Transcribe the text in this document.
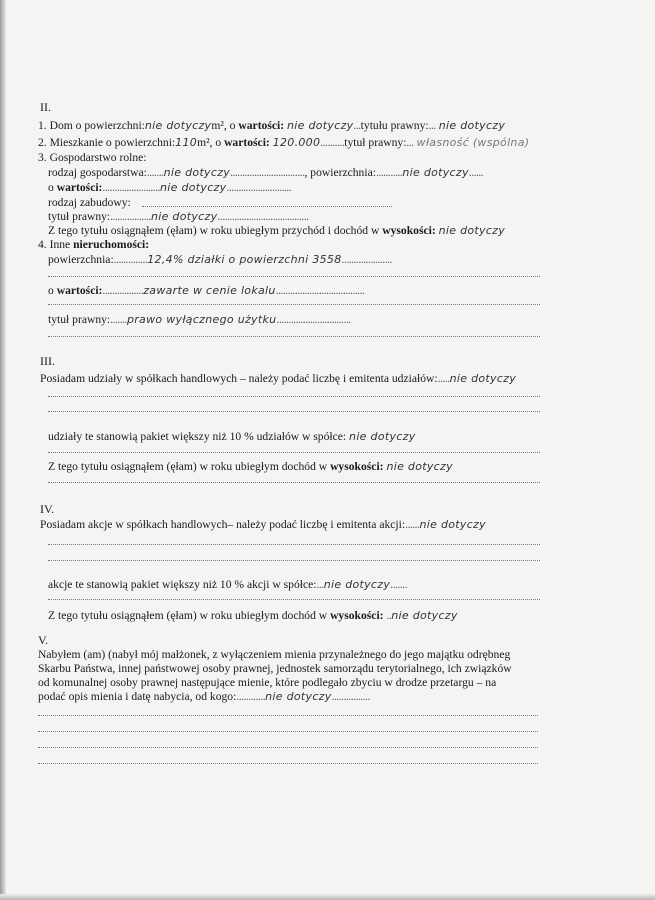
II.
1. Dom o powierzchni:nie dotyczym², o wartości: nie dotyczy...tytułu prawny:... nie dotyczy
2. Mieszkanie o powierzchni:110m², o wartości: 120.000..........tytuł prawny:... własność (wspólna)
3. Gospodarstwo rolne:
rodzaj gospodarstwa:.......nie dotyczy..............................., powierzchnia:...........nie dotyczy......
o wartości:........................nie dotyczy...........................
rodzaj zabudowy:
tytuł prawny:.................nie dotyczy......................................
Z tego tytułu osiągnąłem (ęłam) w roku ubiegłym przychód i dochód w wysokości: nie dotyczy
4. Inne nieruchomości:
powierzchnia:..............12,4% działki o powierzchni 3558.....................
o wartości:.................zawarte w cenie lokalu.....................................
tytuł prawny:.......prawo wyłącznego użytku...............................
III.
Posiadam udziały w spółkach handlowych – należy podać liczbę i emitenta udziałów:.....nie dotyczy
udziały te stanowią pakiet większy niż 10 % udziałów w spółce: nie dotyczy
Z tego tytułu osiągnąłem (ęłam) w roku ubiegłym dochód w wysokości: nie dotyczy
IV.
Posiadam akcje w spółkach handlowych– należy podać liczbę i emitenta akcji:......nie dotyczy
akcje te stanowią pakiet większy niż 10 % akcji w spółce:...nie dotyczy.......
Z tego tytułu osiągnąłem (ęłam) w roku ubiegłym dochód w wysokości: ..nie dotyczy
V.
Nabyłem (am) (nabył mój małżonek, z wyłączeniem mienia przynależnego do jego majątku odrębneg
Skarbu Państwa, innej państwowej osoby prawnej, jednostek samorządu terytorialnego, ich związków
od komunalnej osoby prawnej następujące mienie, które podlegało zbyciu w drodze przetargu – na
podać opis mienia i datę nabycia, od kogo:............nie dotyczy................
